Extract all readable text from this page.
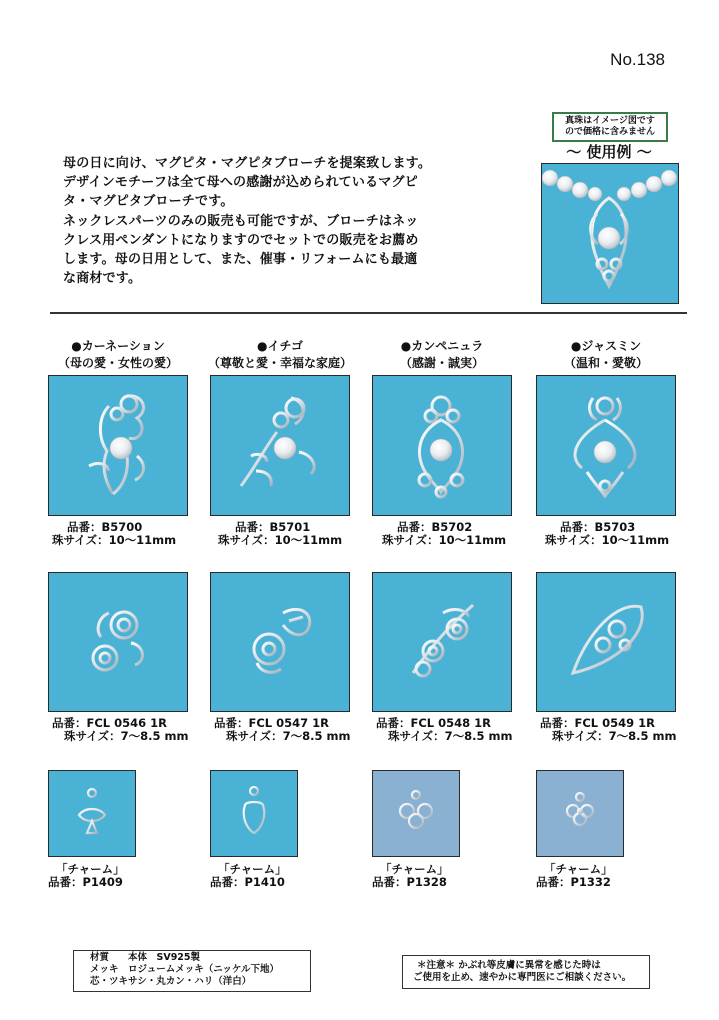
No.138
真珠はイメージ図です
ので価格に含みません
～ 使用例 ～

母の日に向け、マグピタ・マグピタブローチを提案致します。

デザインモチーフは全て母への感謝が込められているマグピ

タ・マグピタブローチです。

ネックレスパーツのみの販売も可能ですが、ブローチはネッ

クレス用ペンダントになりますのでセットでの販売をお薦め

します。母の日用として、また、催事・リフォームにも最適

な商材です。

●カーネーション
（母の愛・女性の愛）
●イチゴ
（尊敬と愛・幸福な家庭）
●カンペニュラ
（感謝・誠実）
●ジャスミン
（温和・愛敬）
品番：B5700
珠サイズ：10～11mm
品番：B5701
珠サイズ：10～11mm
品番：B5702
珠サイズ：10～11mm
品番：B5703
珠サイズ：10～11mm
品番：FCL 0546 1R
珠サイズ：7～8.5 mm
品番：FCL 0547 1R
珠サイズ：7～8.5 mm
品番：FCL 0548 1R
珠サイズ：7～8.5 mm
品番：FCL 0549 1R
珠サイズ：7～8.5 mm
「チャーム」
品番：P1409
「チャーム」
品番：P1410
「チャーム」
品番：P1328
「チャーム」
品番：P1332
材質　　本体　SV925製
メッキ　ロジュームメッキ（ニッケル下地）
芯・ツキサシ・丸カン・ハリ（洋白）
＊注意＊ かぶれ等皮膚に異常を感じた時は
ご使用を止め、速やかに専門医にご相談ください。
